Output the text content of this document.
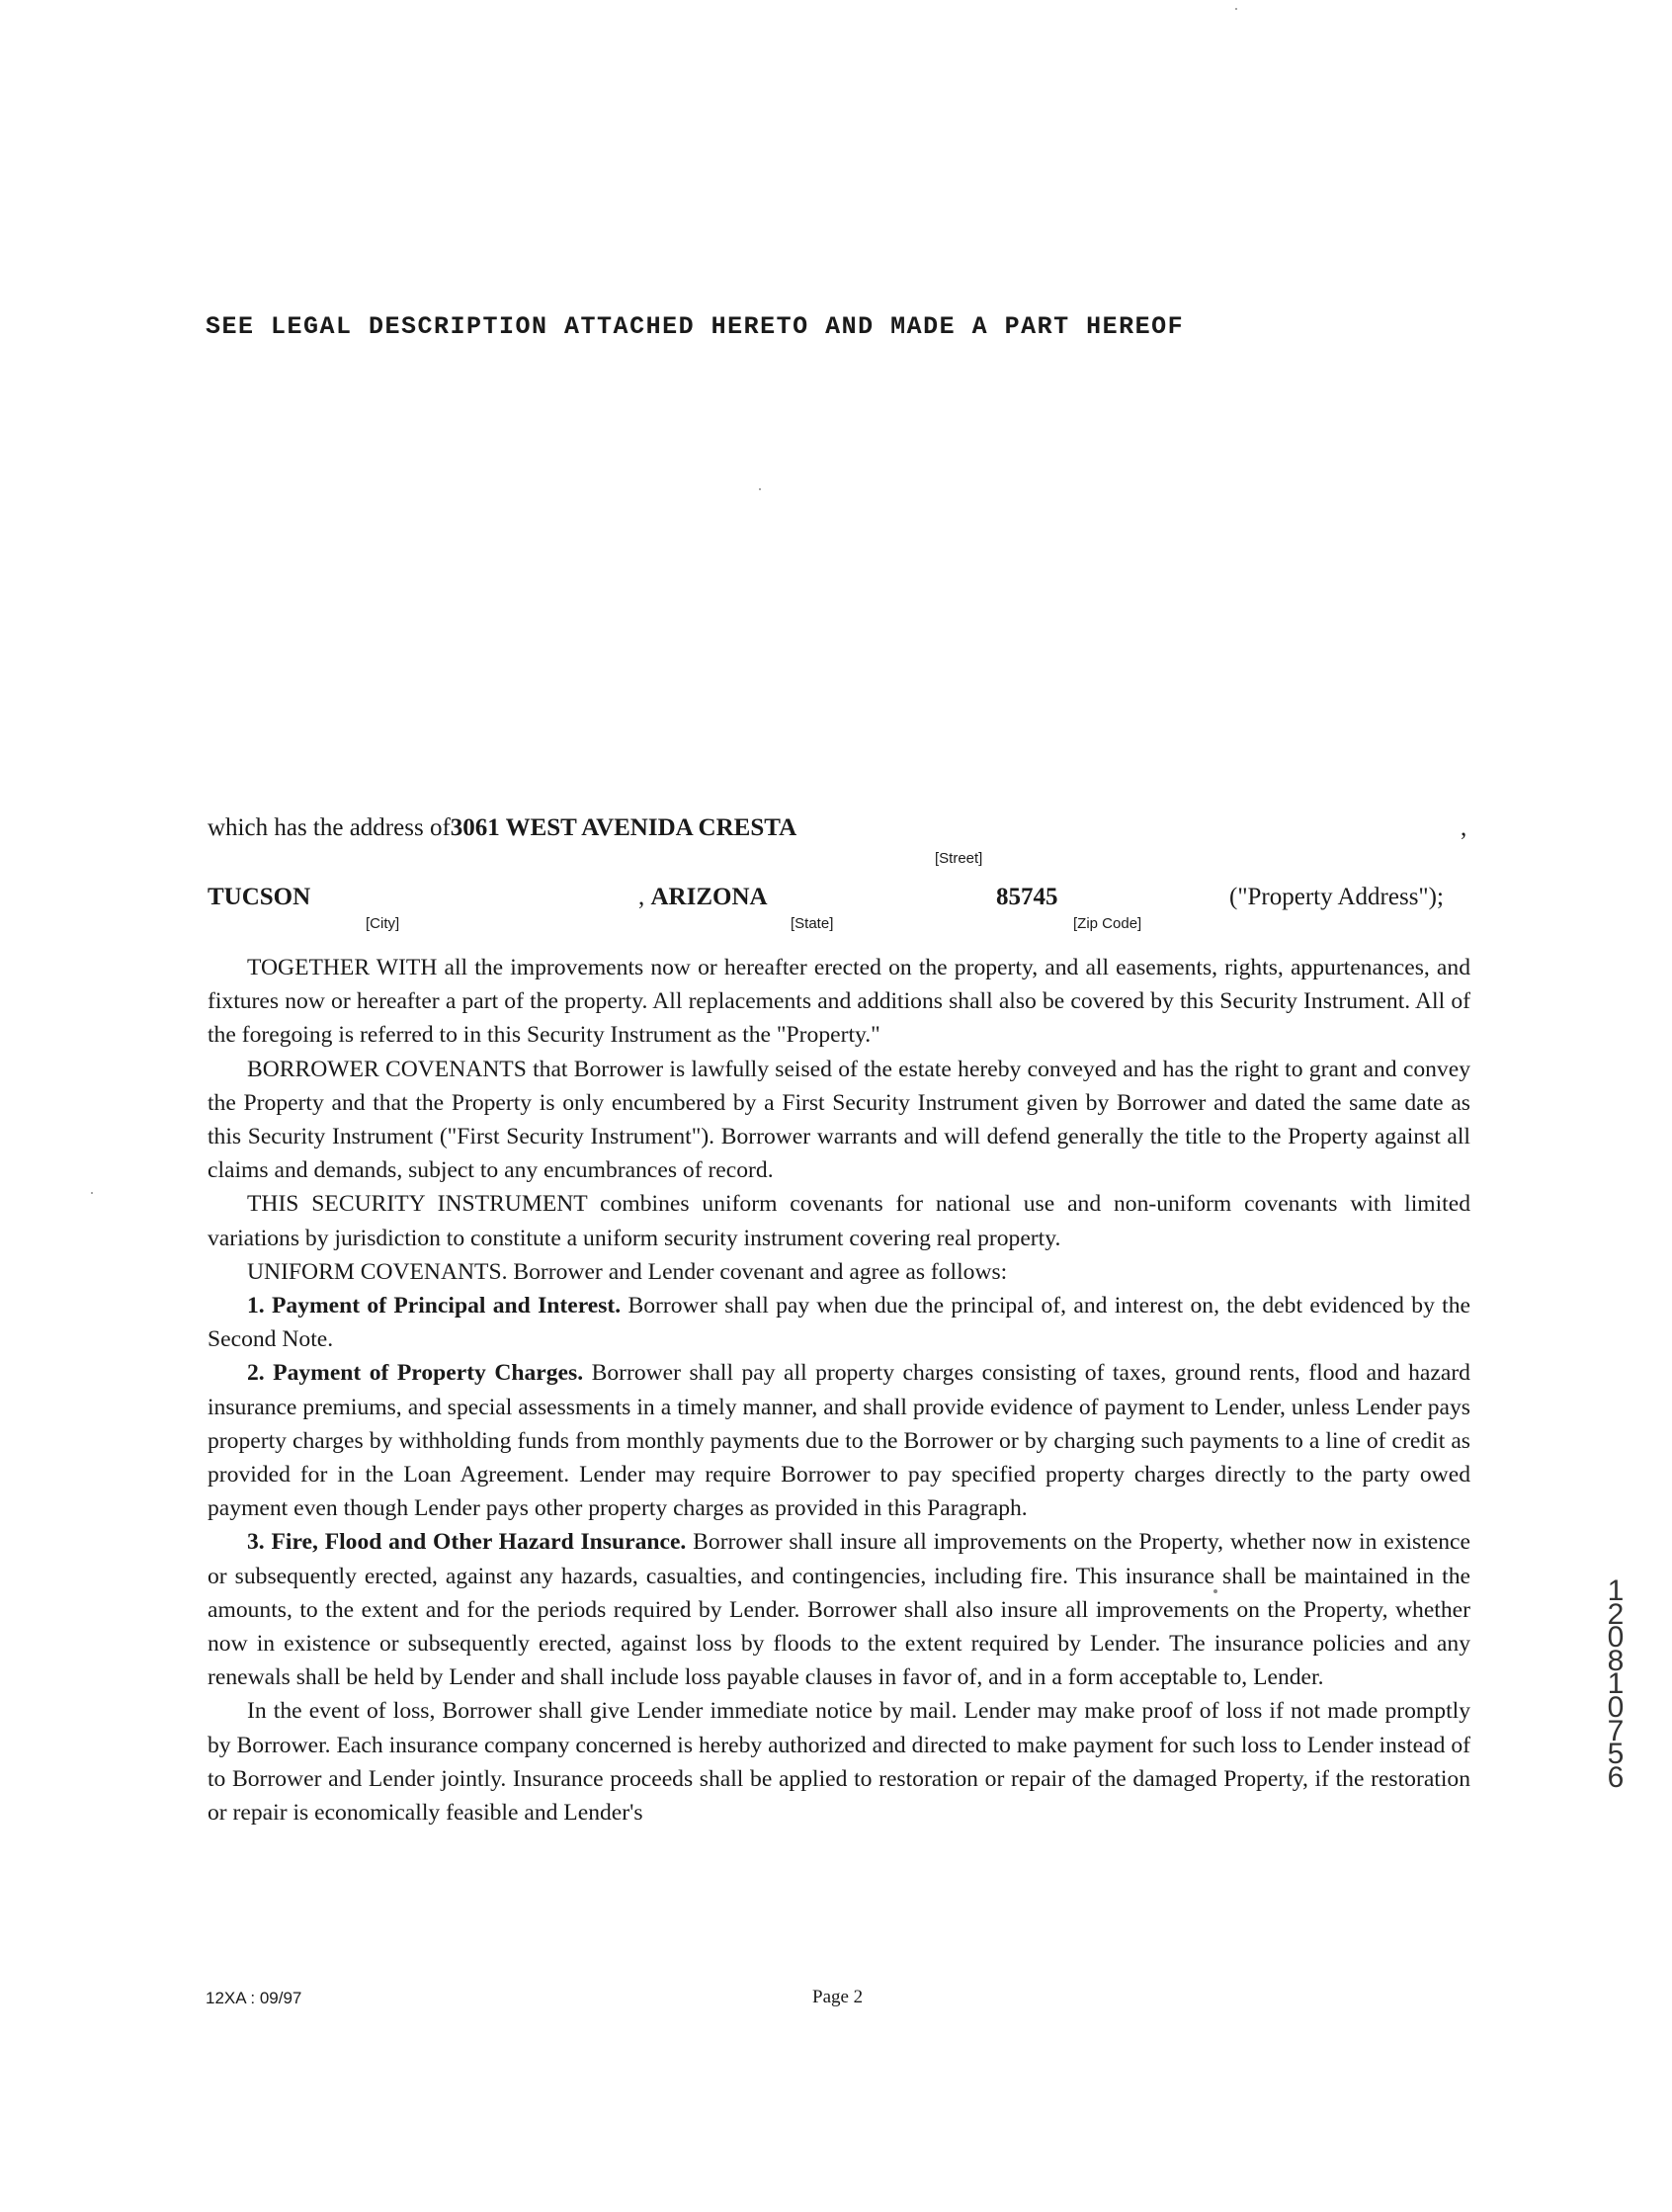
SEE LEGAL DESCRIPTION ATTACHED HERETO AND MADE A PART HEREOF
which has the address of3061 WEST AVENIDA CRESTA	,
[Street]
TUCSON	, ARIZONA	85745	("Property Address");
[City]	[State]	[Zip Code]

TOGETHER WITH all the improvements now or hereafter erected on the property, and all easements, rights, appurtenances, and fixtures now or hereafter a part of the property. All replacements and additions shall also be covered by this Security Instrument. All of the foregoing is referred to in this Security Instrument as the "Property."

BORROWER COVENANTS that Borrower is lawfully seised of the estate hereby conveyed and has the right to grant and convey the Property and that the Property is only encumbered by a First Security Instrument given by Borrower and dated the same date as this Security Instrument ("First Security Instrument"). Borrower warrants and will defend generally the title to the Property against all claims and demands, subject to any encumbrances of record.

THIS SECURITY INSTRUMENT combines uniform covenants for national use and non-uniform covenants with limited variations by jurisdiction to constitute a uniform security instrument covering real property.

UNIFORM COVENANTS. Borrower and Lender covenant and agree as follows:

1. Payment of Principal and Interest. Borrower shall pay when due the principal of, and interest on, the debt evidenced by the Second Note.

2. Payment of Property Charges. Borrower shall pay all property charges consisting of taxes, ground rents, flood and hazard insurance premiums, and special assessments in a timely manner, and shall provide evidence of payment to Lender, unless Lender pays property charges by withholding funds from monthly payments due to the Borrower or by charging such payments to a line of credit as provided for in the Loan Agreement. Lender may require Borrower to pay specified property charges directly to the party owed payment even though Lender pays other property charges as provided in this Paragraph.

3. Fire, Flood and Other Hazard Insurance. Borrower shall insure all improvements on the Property, whether now in existence or subsequently erected, against any hazards, casualties, and contingencies, including fire. This insurance shall be maintained in the amounts, to the extent and for the periods required by Lender. Borrower shall also insure all improvements on the Property, whether now in existence or subsequently erected, against loss by floods to the extent required by Lender. The insurance policies and any renewals shall be held by Lender and shall include loss payable clauses in favor of, and in a form acceptable to, Lender.

In the event of loss, Borrower shall give Lender immediate notice by mail. Lender may make proof of loss if not made promptly by Borrower. Each insurance company concerned is hereby authorized and directed to make payment for such loss to Lender instead of to Borrower and Lender jointly. Insurance proceeds shall be applied to restoration or repair of the damaged Property, if the restoration or repair is economically feasible and Lender's

12XA : 09/97	Page 2
12081 0756
